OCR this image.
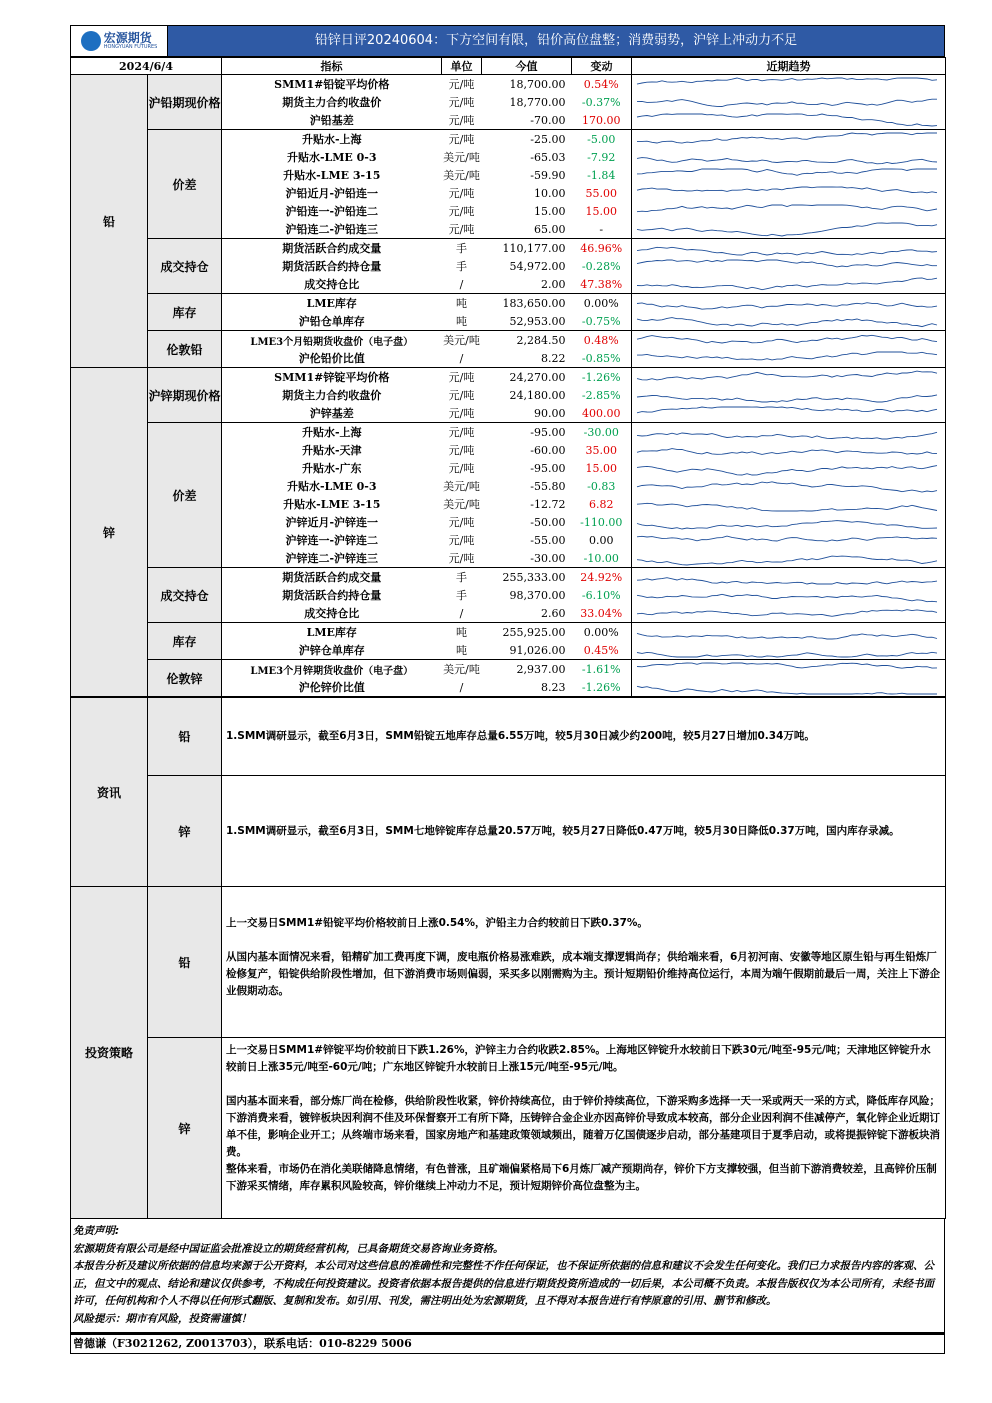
宏源期货
HONGYUAN FUTURES	铅锌日评20240604：下方空间有限，铅价高位盘整；消费弱势，沪锌上冲动力不足
2024/6/4		指标	单位	今值	变动	近期趋势
铅	沪铅期现价格	SMM1#铅锭平均价格	元/吨	18,700.00	0.54%	

		期货主力合约收盘价	元/吨	18,770.00	-0.37%	

		沪铅基差	元/吨	-70.00	170.00	

	价差	升贴水-上海	元/吨	-25.00	-5.00	

		升贴水-LME 0-3	美元/吨	-65.03	-7.92	

		升贴水-LME 3-15	美元/吨	-59.90	-1.84	

		沪铅近月-沪铅连一	元/吨	10.00	55.00	

		沪铅连一-沪铅连二	元/吨	15.00	15.00	

		沪铅连二-沪铅连三	元/吨	65.00	-	

	成交持仓	期货活跃合约成交量	手	110,177.00	46.96%	

		期货活跃合约持仓量	手	54,972.00	-0.28%	

		成交持仓比	/	2.00	47.38%	

	库存	LME库存	吨	183,650.00	0.00%	

		沪铅仓单库存	吨	52,953.00	-0.75%	

	伦敦铅	LME3个月铅期货收盘价（电子盘）	美元/吨	2,284.50	0.48%	

		沪伦铅价比值	/	8.22	-0.85%	

锌	沪锌期现价格	SMM1#锌锭平均价格	元/吨	24,270.00	-1.26%	

		期货主力合约收盘价	元/吨	24,180.00	-2.85%	

		沪锌基差	元/吨	90.00	400.00	

	价差	升贴水-上海	元/吨	-95.00	-30.00	

		升贴水-天津	元/吨	-60.00	35.00	

		升贴水-广东	元/吨	-95.00	15.00	

		升贴水-LME 0-3	美元/吨	-55.80	-0.83	

		升贴水-LME 3-15	美元/吨	-12.72	6.82	

		沪锌近月-沪锌连一	元/吨	-50.00	-110.00	

		沪锌连一-沪锌连二	元/吨	-55.00	0.00	

		沪锌连二-沪锌连三	元/吨	-30.00	-10.00	

	成交持仓	期货活跃合约成交量	手	255,333.00	24.92%	

		期货活跃合约持仓量	手	98,370.00	-6.10%	

		成交持仓比	/	2.60	33.04%	

	库存	LME库存	吨	255,925.00	0.00%	

		沪锌仓单库存	吨	91,026.00	0.45%	

	伦敦锌	LME3个月锌期货收盘价（电子盘）	美元/吨	2,937.00	-1.61%	

		沪伦锌价比值	/	8.23	-1.26%	
资讯	铅	1.SMM调研显示，截至6月3日，SMM铅锭五地库存总量6.55万吨，较5月30日减少约200吨，较5月27日增加0.34万吨。
	锌	1.SMM调研显示，截至6月3日，SMM七地锌锭库存总量20.57万吨，较5月27日降低0.47万吨，较5月30日降低0.37万吨，国内库存录减。
投资策略	铅	上一交易日SMM1#铅锭平均价格较前日上涨0.54%，沪铅主力合约较前日下跌0.37%。
从国内基本面情况来看，铅精矿加工费再度下调，废电瓶价格易涨难跌，成本端支撑逻辑尚存；供给端来看，6月初河南、安徽等地区原生铅与再生铅炼厂检修复产，铅锭供给阶段性增加，但下游消费市场则偏弱，采买多以刚需购为主。预计短期铅价维持高位运行，本周为端午假期前最后一周，关注上下游企业假期动态。

	锌	上一交易日SMM1#锌锭平均价较前日下跌1.26%，沪锌主力合约收跌2.85%。上海地区锌锭升水较前日下跌30元/吨至-95元/吨；天津地区锌锭升水较前日上涨35元/吨至-60元/吨；广东地区锌锭升水较前日上涨15元/吨至-95元/吨。
国内基本面来看，部分炼厂尚在检修，供给阶段性收紧，锌价持续高位，由于锌价持续高位，下游采购多选择一天一采或两天一采的方式，降低库存风险；下游消费来看，镀锌板块因利润不佳及环保督察开工有所下降，压铸锌合金企业亦因高锌价导致成本较高，部分企业因利润不佳减停产，氧化锌企业近期订单不佳，影响企业开工；从终端市场来看，国家房地产和基建政策领域频出，随着万亿国债逐步启动，部分基建项目于夏季启动，或将提振锌锭下游板块消费。
整体来看，市场仍在消化美联储降息情绪，有色普涨，且矿端偏紧格局下6月炼厂减产预期尚存，锌价下方支撑较强，但当前下游消费较差，且高锌价压制下游采买情绪，库存累积风险较高，锌价继续上冲动力不足，预计短期锌价高位盘整为主。
免责声明:
宏源期货有限公司是经中国证监会批准设立的期货经营机构，已具备期货交易咨询业务资格。
本报告分析及建议所依据的信息均来源于公开资料，本公司对这些信息的准确性和完整性不作任何保证，也不保证所依据的信息和建议不会发生任何变化。我们已力求报告内容的客观、公正，但文中的观点、结论和建议仅供参考，不构成任何投资建议。投资者依据本报告提供的信息进行期货投资所造成的一切后果，本公司概不负责。本报告版权仅为本公司所有，未经书面许可，任何机构和个人不得以任何形式翻版、复制和发布。如引用、刊发，需注明出处为宏源期货，且不得对本报告进行有悖原意的引用、删节和修改。
风险提示：期市有风险，投资需谨慎！
曾德谦（F3021262, Z0013703），联系电话：010-8229 5006
